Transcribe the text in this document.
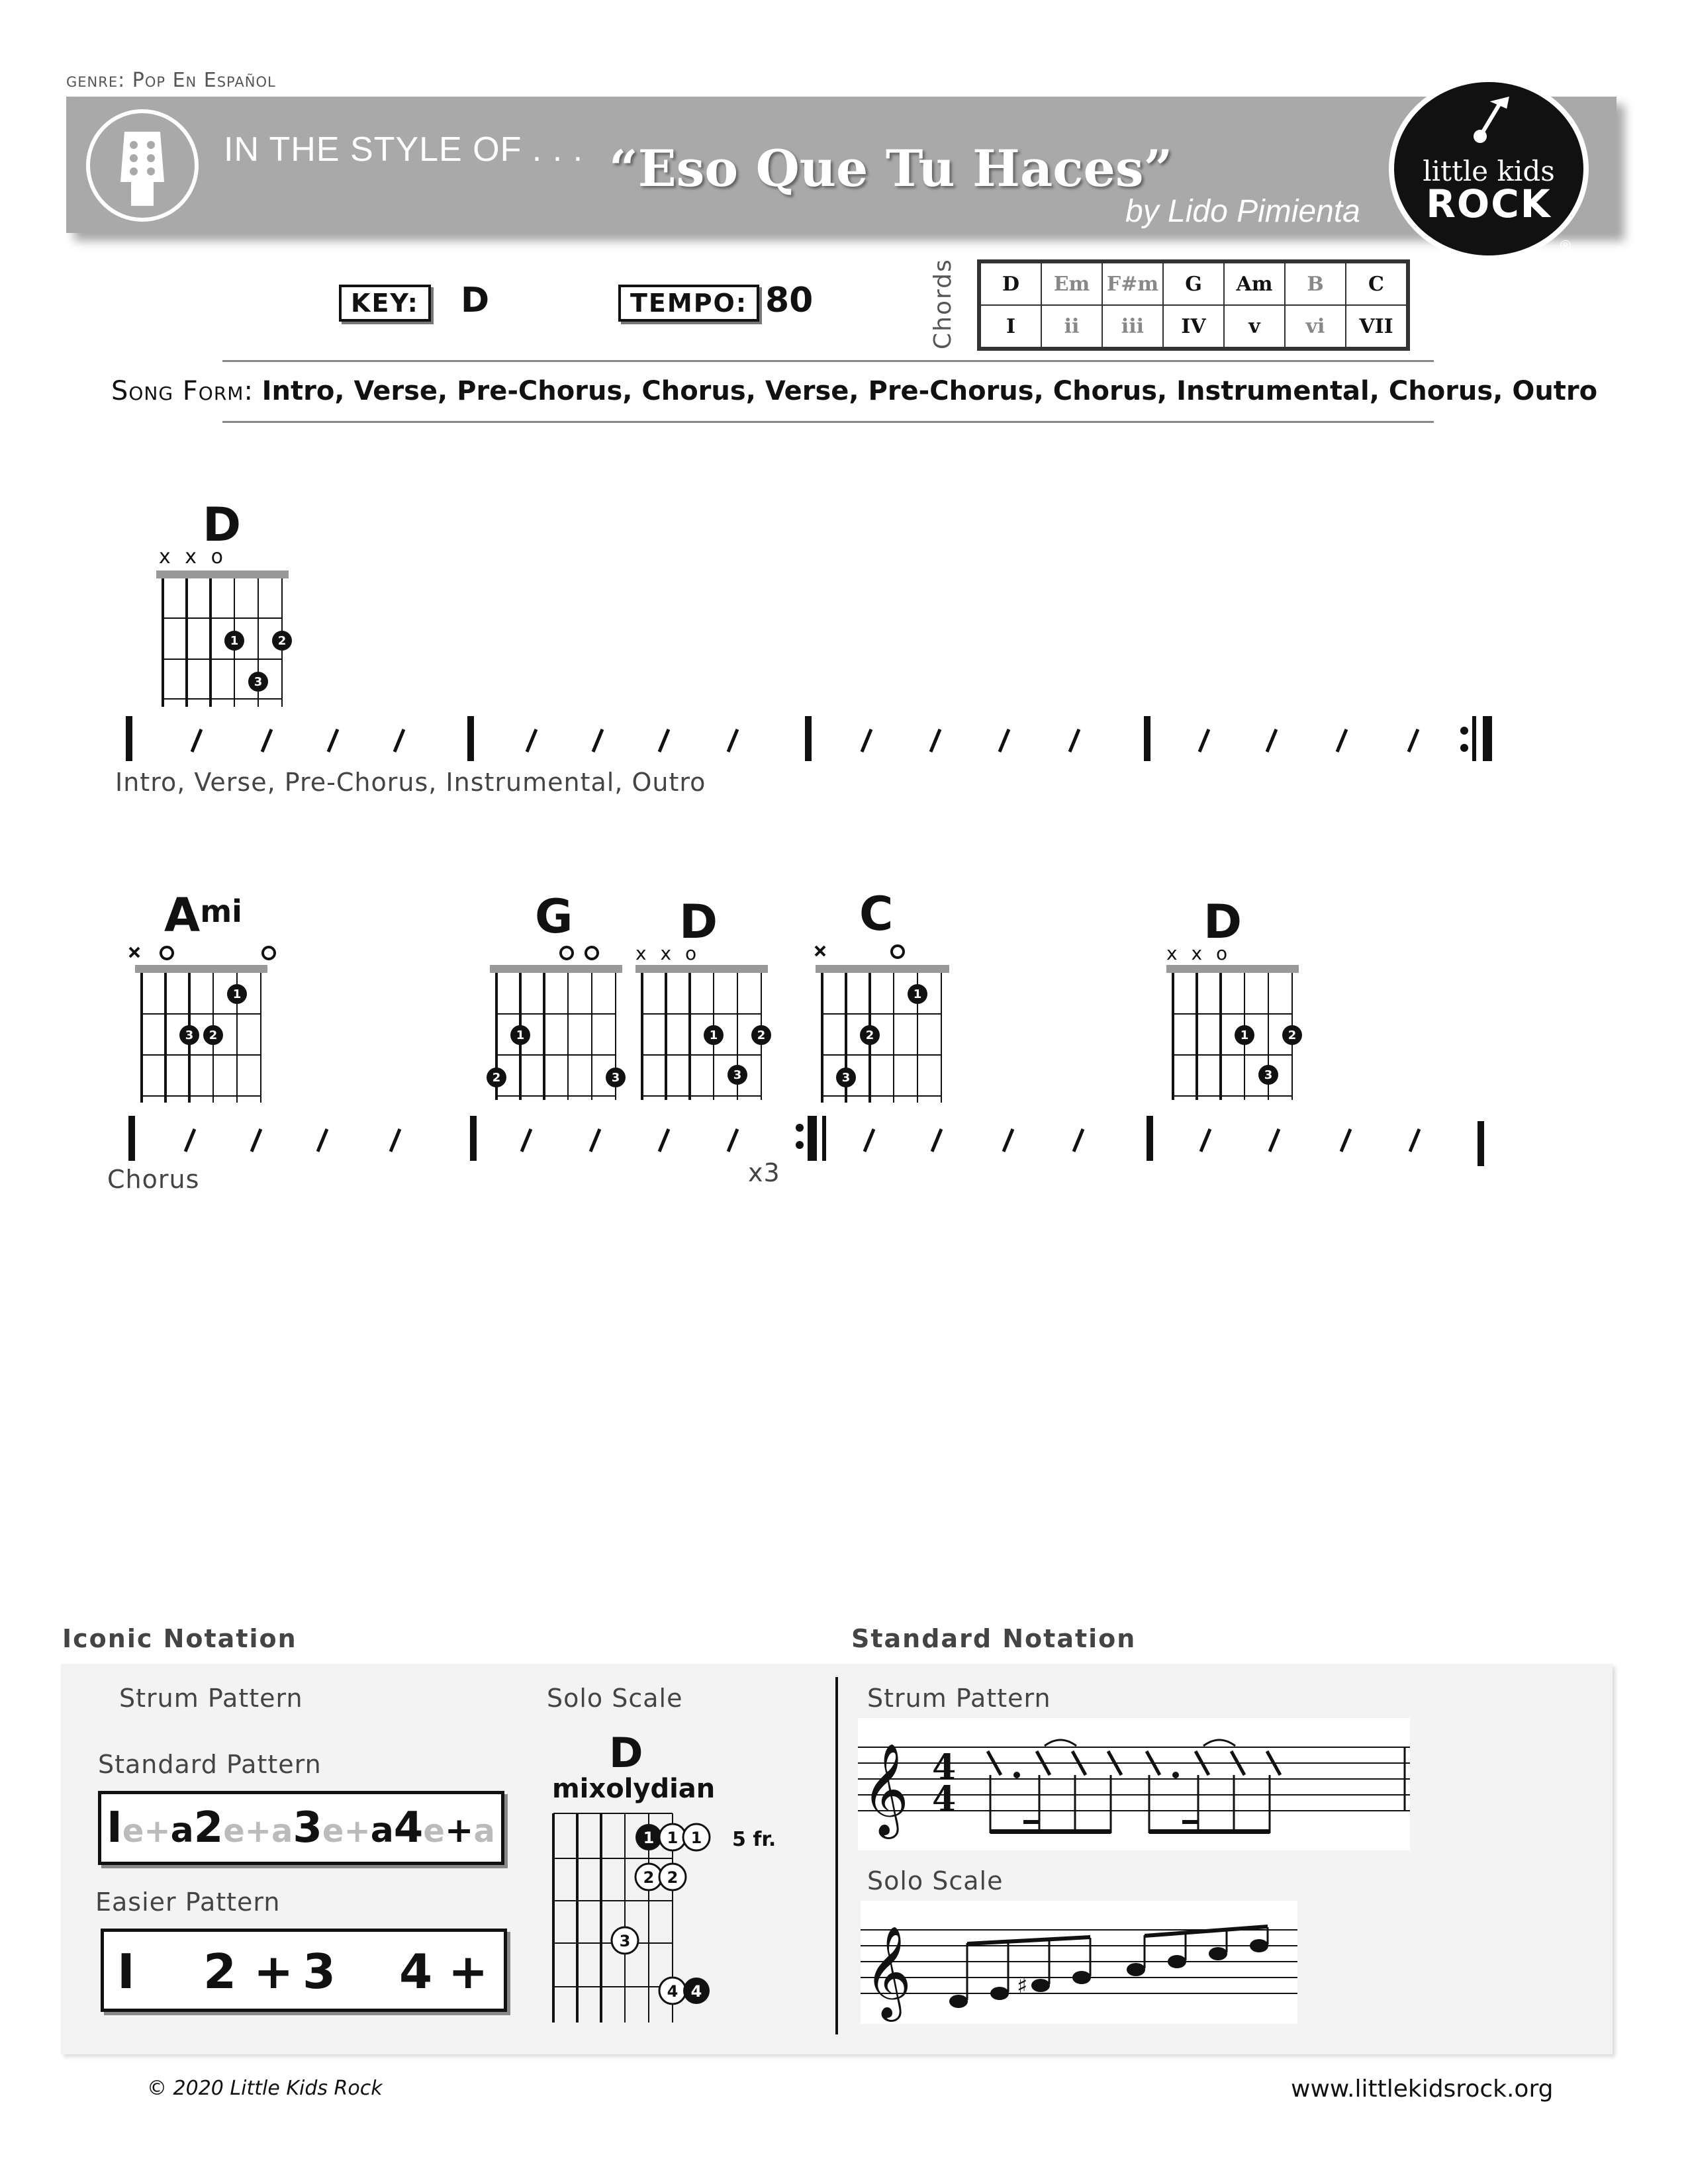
genre: Pop En Español
IN THE STYLE OF . . . “Eso Que Tu Haces”
by Lido Pimienta
little kids
ROCK
®
KEY:	D	TEMPO: 80	Chords D	Em	F#m	G	Am	B	C
I	ii	iii	IV	v	vi	VII
Song Form: Intro, Verse, Pre-Chorus, Chorus, Verse, Pre-Chorus, Chorus, Instrumental, Chorus, Outro
D
x x o
1	2
3
Intro, Verse, Pre-Chorus, Instrumental, Outro
$A^{mi}$	G D	C	D
1
3 2	1
2	3
x x o
1	2
3
1
2
3
x x o
1	2
3
Chorus	x3
Iconic Notation	Standard Notation
Strum Pattern
Standard Pattern
Ie+a2e+a3e+a4e+a
Easier Pattern
I 2 + 3 4 +
Solo Scale
D
mixolydian
5 fr.
1 1 1
2 2
3
4 4
Strum Pattern
𝄞 4
4
Solo Scale
𝄞	♯
© 2020 Little Kids Rock	www.littlekidsrock.org
